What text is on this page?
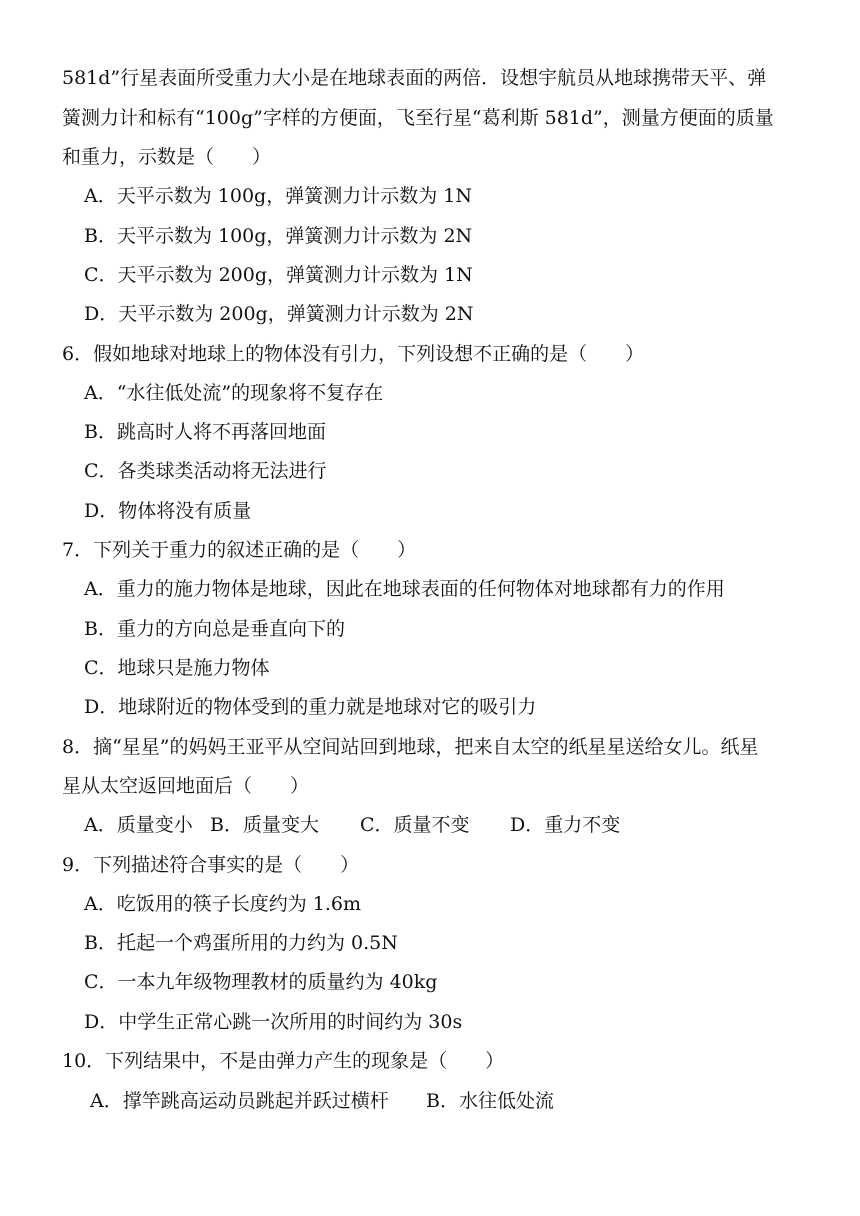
581d”行星表面所受重力大小是在地球表面的两倍．设想宇航员从地球携带天平、弹
簧测力计和标有“100g”字样的方便面，飞至行星“葛利斯 581d”，测量方便面的质量
和重力，示数是（　　）
A．天平示数为 100g，弹簧测力计示数为 1N
B．天平示数为 100g，弹簧测力计示数为 2N
C．天平示数为 200g，弹簧测力计示数为 1N
D．天平示数为 200g，弹簧测力计示数为 2N
6．假如地球对地球上的物体没有引力，下列设想不正确的是（　　）
A．“水往低处流”的现象将不复存在
B．跳高时人将不再落回地面
C．各类球类活动将无法进行
D．物体将没有质量
7．下列关于重力的叙述正确的是（　　）
A．重力的施力物体是地球，因此在地球表面的任何物体对地球都有力的作用
B．重力的方向总是垂直向下的
C．地球只是施力物体
D．地球附近的物体受到的重力就是地球对它的吸引力
8．摘“星星”的妈妈王亚平从空间站回到地球，把来自太空的纸星星送给女儿。纸星
星从太空返回地面后（　　）
A．质量变小 B．质量变大 C．质量不变 D．重力不变
9．下列描述符合事实的是（　　）
A．吃饭用的筷子长度约为 1.6m
B．托起一个鸡蛋所用的力约为 0.5N
C．一本九年级物理教材的质量约为 40kg
D．中学生正常心跳一次所用的时间约为 30s
10．下列结果中，不是由弹力产生的现象是（　　）
A．撑竿跳高运动员跳起并跃过横杆 B．水往低处流
